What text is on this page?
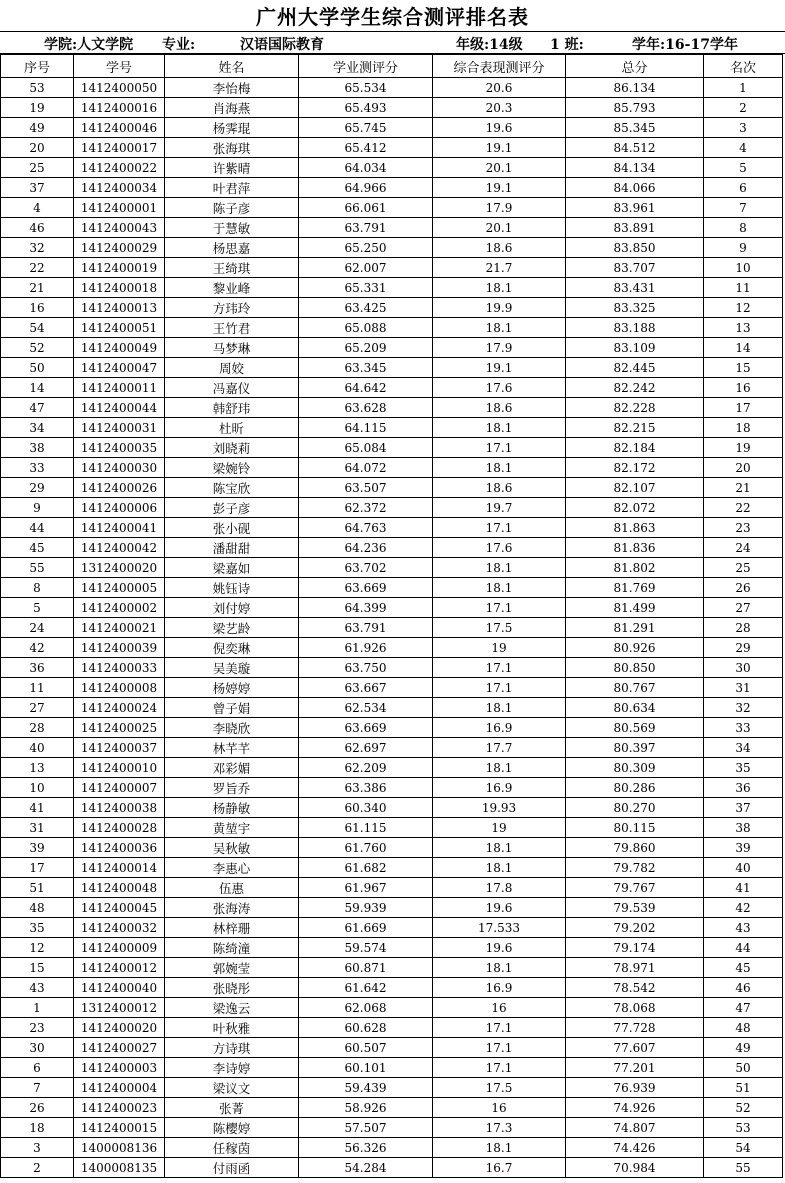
广州大学学生综合测评排名表
学院:人文学院 专业:	汉语国际教育	年级:14级 1 班:	学年:16-17学年
序号	学号	姓名	学业测评分	综合表现测评分	总分	名次
53	1412400050	李怡梅	65.534	20.6	86.134	1
19	1412400016	肖海燕	65.493	20.3	85.793	2
49	1412400046	杨霁琨	65.745	19.6	85.345	3
20	1412400017	张海琪	65.412	19.1	84.512	4
25	1412400022	许紫晴	64.034	20.1	84.134	5
37	1412400034	叶君萍	64.966	19.1	84.066	6
4	1412400001	陈子彦	66.061	17.9	83.961	7
46	1412400043	于慧敏	63.791	20.1	83.891	8
32	1412400029	杨思嘉	65.250	18.6	83.850	9
22	1412400019	王绮琪	62.007	21.7	83.707	10
21	1412400018	黎业峰	65.331	18.1	83.431	11
16	1412400013	方玮玲	63.425	19.9	83.325	12
54	1412400051	王竹君	65.088	18.1	83.188	13
52	1412400049	马梦琳	65.209	17.9	83.109	14
50	1412400047	周姣	63.345	19.1	82.445	15
14	1412400011	冯嘉仪	64.642	17.6	82.242	16
47	1412400044	韩舒玮	63.628	18.6	82.228	17
34	1412400031	杜昕	64.115	18.1	82.215	18
38	1412400035	刘晓莉	65.084	17.1	82.184	19
33	1412400030	梁婉铃	64.072	18.1	82.172	20
29	1412400026	陈宝欣	63.507	18.6	82.107	21
9	1412400006	彭子彦	62.372	19.7	82.072	22
44	1412400041	张小砚	64.763	17.1	81.863	23
45	1412400042	潘甜甜	64.236	17.6	81.836	24
55	1312400020	梁嘉如	63.702	18.1	81.802	25
8	1412400005	姚钰诗	63.669	18.1	81.769	26
5	1412400002	刘付婷	64.399	17.1	81.499	27
24	1412400021	梁艺龄	63.791	17.5	81.291	28
42	1412400039	倪奕琳	61.926	19	80.926	29
36	1412400033	吴美璇	63.750	17.1	80.850	30
11	1412400008	杨婷婷	63.667	17.1	80.767	31
27	1412400024	曾子娟	62.534	18.1	80.634	32
28	1412400025	李晓欣	63.669	16.9	80.569	33
40	1412400037	林芊芊	62.697	17.7	80.397	34
13	1412400010	邓彩媚	62.209	18.1	80.309	35
10	1412400007	罗旨乔	63.386	16.9	80.286	36
41	1412400038	杨静敏	60.340	19.93	80.270	37
31	1412400028	黄堃宇	61.115	19	80.115	38
39	1412400036	吴秋敏	61.760	18.1	79.860	39
17	1412400014	李惠心	61.682	18.1	79.782	40
51	1412400048	伍惠	61.967	17.8	79.767	41
48	1412400045	张海涛	59.939	19.6	79.539	42
35	1412400032	林梓珊	61.669	17.533	79.202	43
12	1412400009	陈绮潼	59.574	19.6	79.174	44
15	1412400012	郭婉莹	60.871	18.1	78.971	45
43	1412400040	张晓彤	61.642	16.9	78.542	46
1	1312400012	梁逸云	62.068	16	78.068	47
23	1412400020	叶秋雅	60.628	17.1	77.728	48
30	1412400027	方诗琪	60.507	17.1	77.607	49
6	1412400003	李诗婷	60.101	17.1	77.201	50
7	1412400004	梁议文	59.439	17.5	76.939	51
26	1412400023	张菁	58.926	16	74.926	52
18	1412400015	陈樱婷	57.507	17.3	74.807	53
3	1400008136	任稼茵	56.326	18.1	74.426	54
2	1400008135	付雨函	54.284	16.7	70.984	55
